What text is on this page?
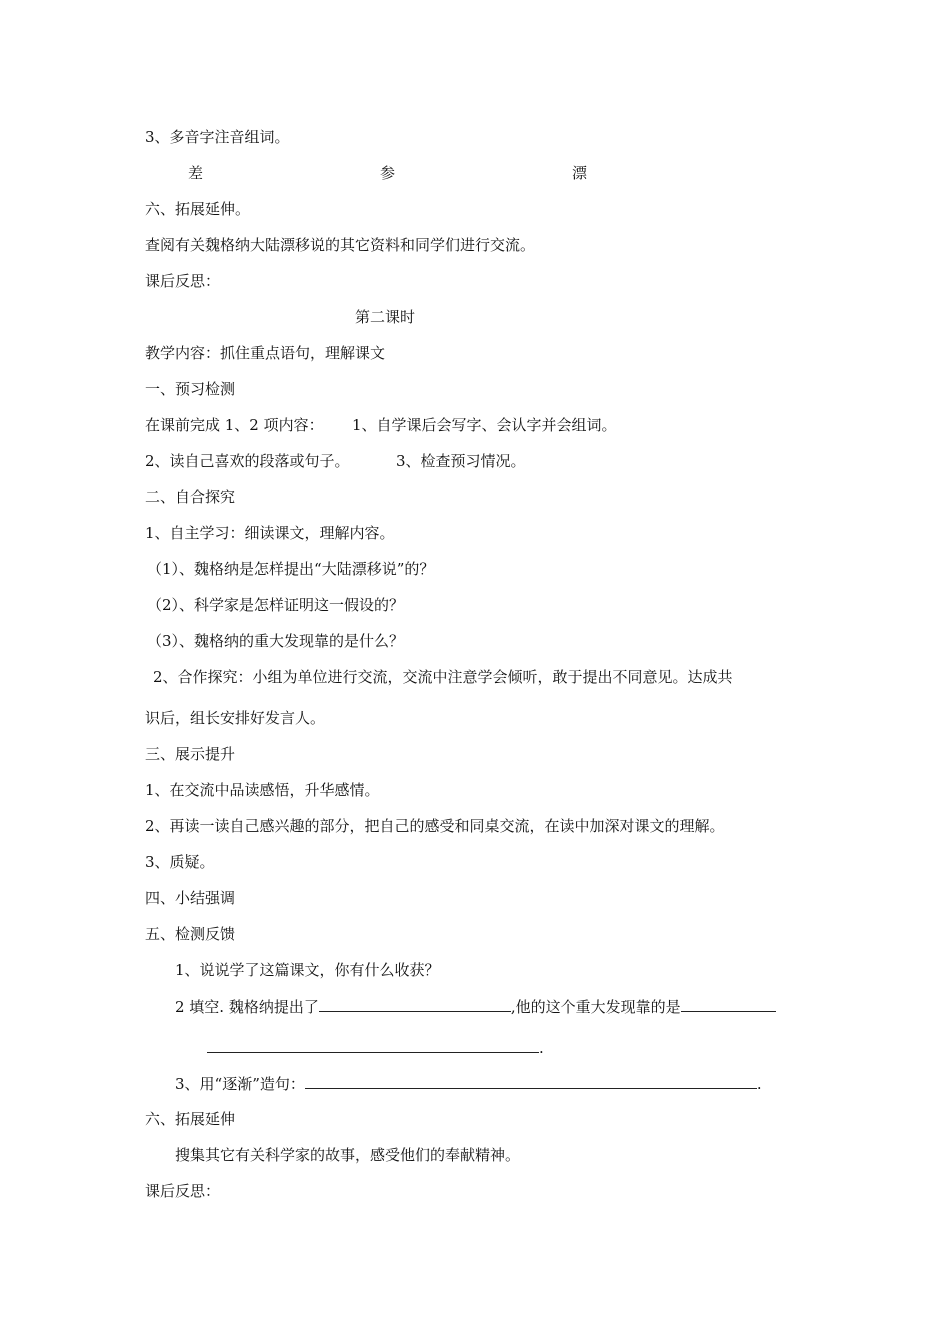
3、多音字注音组词。
差	参	漂
六、拓展延伸。
查阅有关魏格纳大陆漂移说的其它资料和同学们进行交流。
课后反思：
第二课时
教学内容：抓住重点语句，理解课文
一、预习检测
在课前完成 1、2 项内容： 1、自学课后会写字、会认字并会组词。
2、读自己喜欢的段落或句子。	3、检查预习情况。
二、自合探究
1、自主学习：细读课文，理解内容。
（1）、魏格纳是怎样提出“大陆漂移说”的？
（2）、科学家是怎样证明这一假设的？
（3）、魏格纳的重大发现靠的是什么？
2、合作探究：小组为单位进行交流，交流中注意学会倾听，敢于提出不同意见。达成共
识后，组长安排好发言人。
三、展示提升
1、在交流中品读感悟，升华感情。
2、再读一读自己感兴趣的部分，把自己的感受和同桌交流，在读中加深对课文的理解。
3、质疑。
四、小结强调
五、检测反馈
1、说说学了这篇课文，你有什么收获？
2 填空. 魏格纳提出了	,他的这个重大发现靠的是
.
3、用“逐渐”造句：	.
六、拓展延伸
搜集其它有关科学家的故事，感受他们的奉献精神。
课后反思：
